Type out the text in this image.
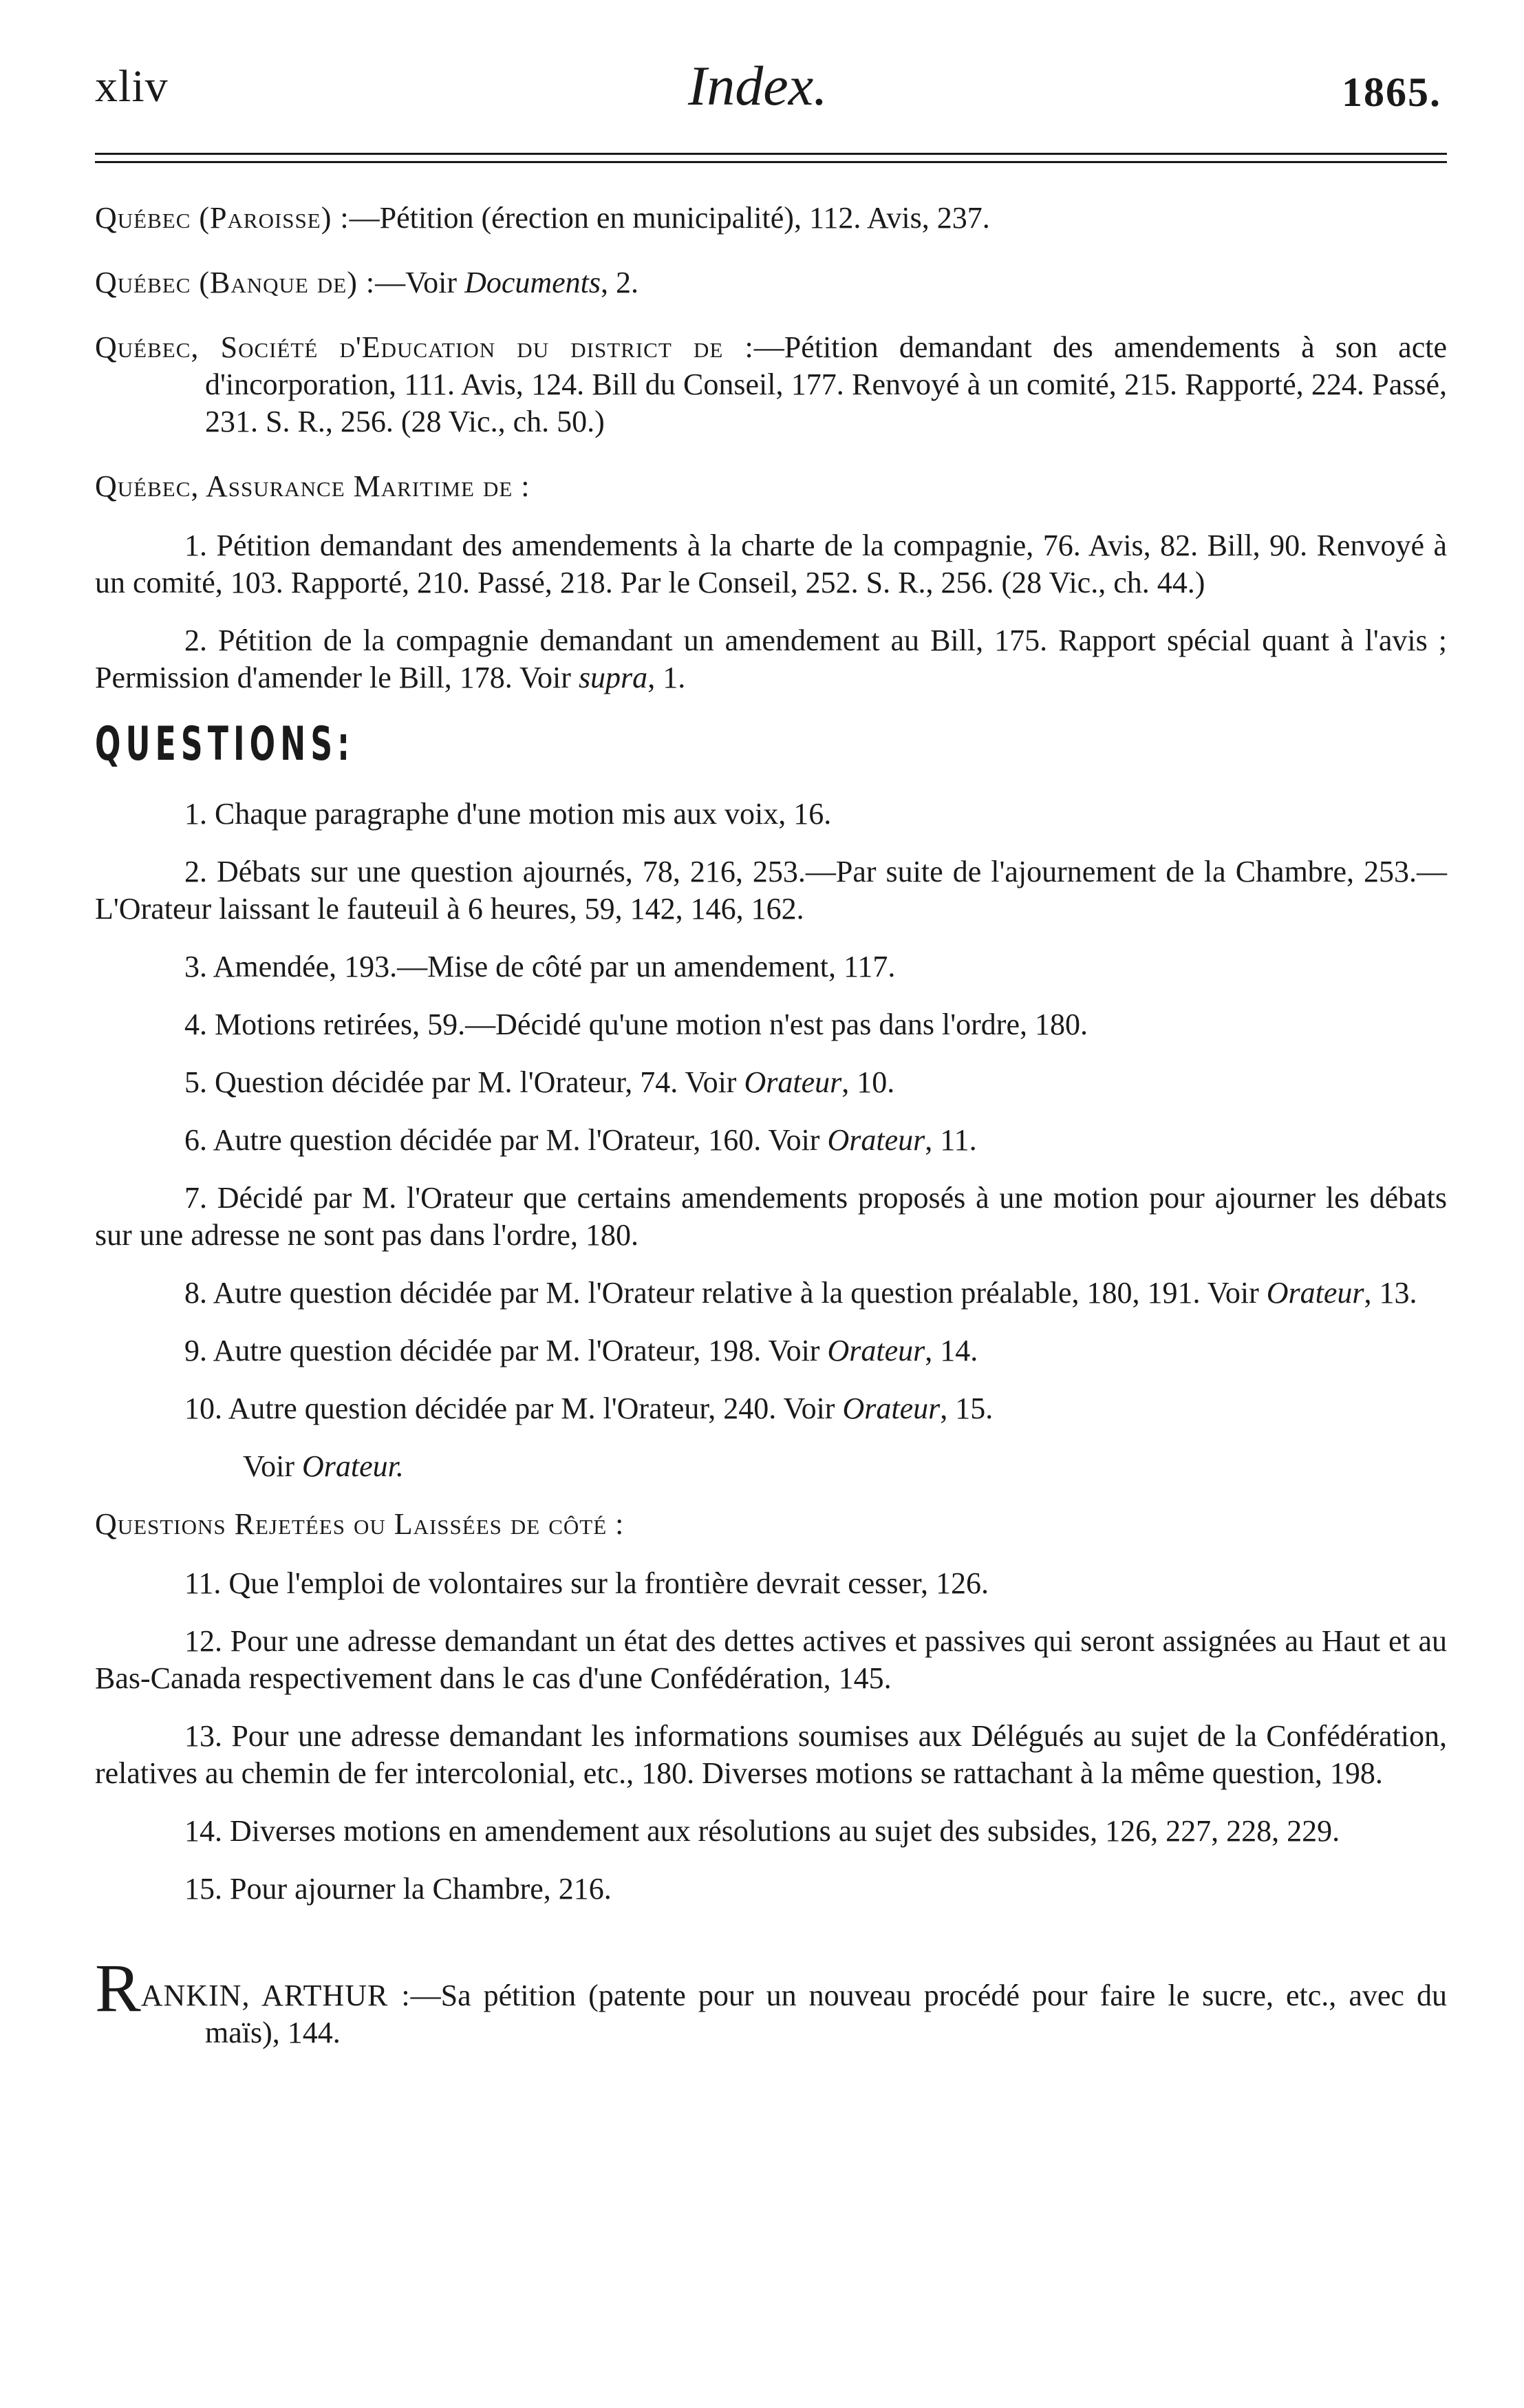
xliv	Index.	1865.

Québec (Paroisse) :—Pétition (érection en municipalité), 112. Avis, 237.

Québec (Banque de) :—Voir Documents, 2.

Québec, Société d'Education du district de :—Pétition demandant des amendements à son acte d'incorporation, 111. Avis, 124. Bill du Conseil, 177. Renvoyé à un comité, 215. Rapporté, 224. Passé, 231. S. R., 256. (28 Vic., ch. 50.)

Québec, Assurance Maritime de :

1. Pétition demandant des amendements à la charte de la compagnie, 76. Avis, 82. Bill, 90. Renvoyé à un comité, 103. Rapporté, 210. Passé, 218. Par le Conseil, 252. S. R., 256. (28 Vic., ch. 44.)

2. Pétition de la compagnie demandant un amendement au Bill, 175. Rapport spécial quant à l'avis ; Permission d'amender le Bill, 178. Voir supra, 1.

QUESTIONS:

1. Chaque paragraphe d'une motion mis aux voix, 16.

2. Débats sur une question ajournés, 78, 216, 253.—Par suite de l'ajournement de la Chambre, 253.—L'Orateur laissant le fauteuil à 6 heures, 59, 142, 146, 162.

3. Amendée, 193.—Mise de côté par un amendement, 117.

4. Motions retirées, 59.—Décidé qu'une motion n'est pas dans l'ordre, 180.

5. Question décidée par M. l'Orateur, 74. Voir Orateur, 10.

6. Autre question décidée par M. l'Orateur, 160. Voir Orateur, 11.

7. Décidé par M. l'Orateur que certains amendements proposés à une motion pour ajourner les débats sur une adresse ne sont pas dans l'ordre, 180.

8. Autre question décidée par M. l'Orateur relative à la question préalable, 180, 191. Voir Orateur, 13.

9. Autre question décidée par M. l'Orateur, 198. Voir Orateur, 14.

10. Autre question décidée par M. l'Orateur, 240. Voir Orateur, 15.

Voir Orateur.

Questions Rejetées ou Laissées de côté :

11. Que l'emploi de volontaires sur la frontière devrait cesser, 126.

12. Pour une adresse demandant un état des dettes actives et passives qui seront assignées au Haut et au Bas-Canada respectivement dans le cas d'une Confédération, 145.

13. Pour une adresse demandant les informations soumises aux Délégués au sujet de la Confédération, relatives au chemin de fer intercolonial, etc., 180. Diverses motions se rattachant à la même question, 198.

14. Diverses motions en amendement aux résolutions au sujet des subsides, 126, 227, 228, 229.

15. Pour ajourner la Chambre, 216.

RANKIN, ARTHUR :—Sa pétition (patente pour un nouveau procédé pour faire le sucre, etc., avec du maïs), 144.
